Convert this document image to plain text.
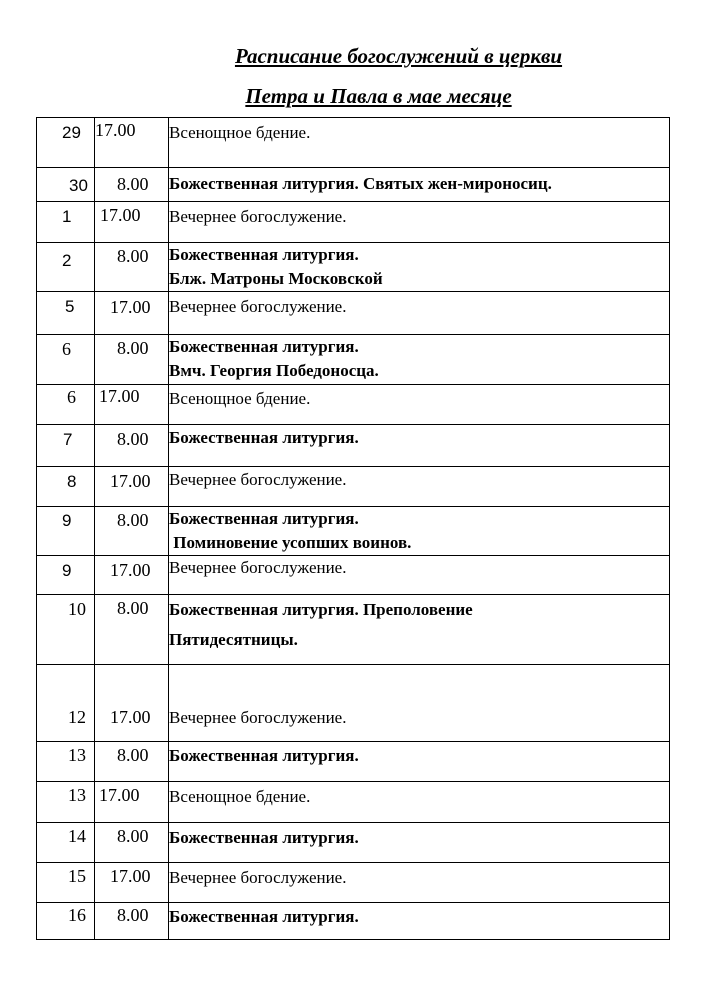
Расписание богослужений в церкви
Петра и Павла в мае месяце
29	17.00	Всенощное бдение.

30	8.00	Божественная литургия. Святых жен-мироносиц.

1	17.00	Вечернее богослужение.

2	8.00	Божественная литургия.
Блж. Матроны Московской

5	17.00	Вечернее богослужение.

6	8.00	Божественная литургия.
Вмч. Георгия Победоносца.

6	17.00	Всенощное бдение.

7	8.00	Божественная литургия.

8	17.00	Вечернее богослужение.

9	8.00	Божественная литургия.
Поминовение усопших воинов.

9	17.00	Вечернее богослужение.

10	8.00	Божественная литургия. Преполовение
Пятидесятницы.

12	17.00	Вечернее богослужение.

13	8.00	Божественная литургия.

13	17.00	Всенощное бдение.

14	8.00	Божественная литургия.

15	17.00	Вечернее богослужение.

16	8.00	Божественная литургия.
